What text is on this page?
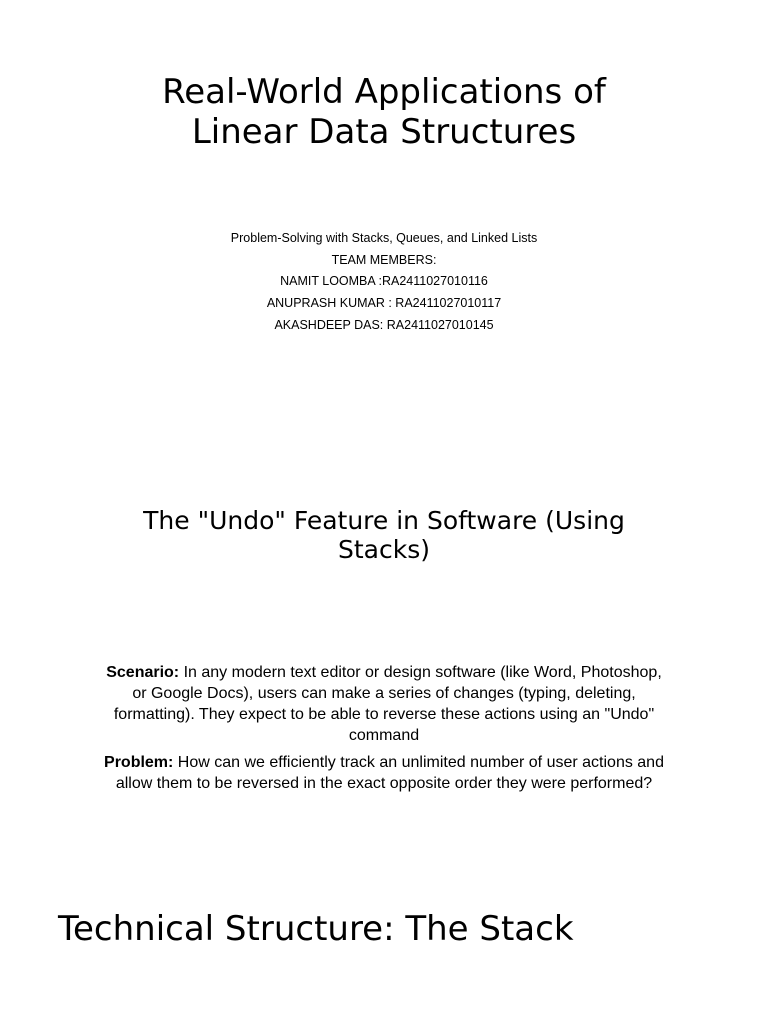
Real-World Applications of
Linear Data Structures
Problem-Solving with Stacks, Queues, and Linked Lists
TEAM MEMBERS:
NAMIT LOOMBA :RA2411027010116
ANUPRASH KUMAR : RA2411027010117
AKASHDEEP DAS: RA2411027010145
The "Undo" Feature in Software (Using
Stacks)

Scenario: In any modern text editor or design software (like Word, Photoshop, or Google Docs), users can make a series of changes (typing, deleting, formatting). They expect to be able to reverse these actions using an "Undo" command

Problem: How can we efficiently track an unlimited number of user actions and allow them to be reversed in the exact opposite order they were performed?

Technical Structure: The Stack
